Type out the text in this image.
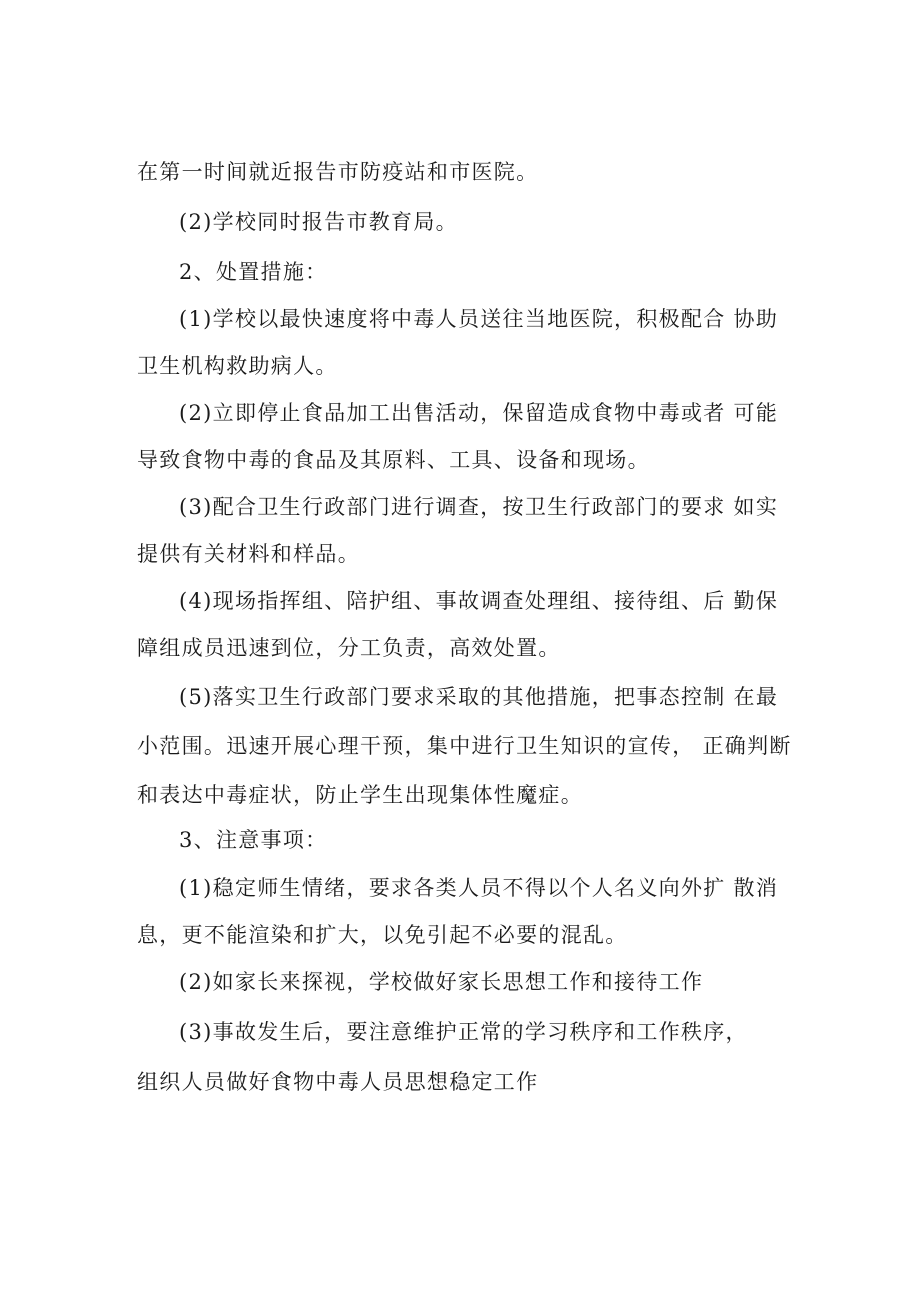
在第一时间就近报告市防疫站和市医院。
(2)学校同时报告市教育局。
2、处置措施：
(1)学校以最快速度将中毒人员送往当地医院，积极配合 协助
卫生机构救助病人。
(2)立即停止食品加工出售活动，保留造成食物中毒或者 可能
导致食物中毒的食品及其原料、工具、设备和现场。
(3)配合卫生行政部门进行调查，按卫生行政部门的要求 如实
提供有关材料和样品。
(4)现场指挥组、陪护组、事故调查处理组、接待组、后 勤保
障组成员迅速到位，分工负责，高效处置。
(5)落实卫生行政部门要求采取的其他措施，把事态控制 在最
小范围。迅速开展心理干预，集中进行卫生知识的宣传， 正确判断
和表达中毒症状，防止学生出现集体性魔症。
3、注意事项：
(1)稳定师生情绪，要求各类人员不得以个人名义向外扩 散消
息，更不能渲染和扩大，以免引起不必要的混乱。
(2)如家长来探视，学校做好家长思想工作和接待工作
(3)事故发生后，要注意维护正常的学习秩序和工作秩序，
组织人员做好食物中毒人员思想稳定工作
